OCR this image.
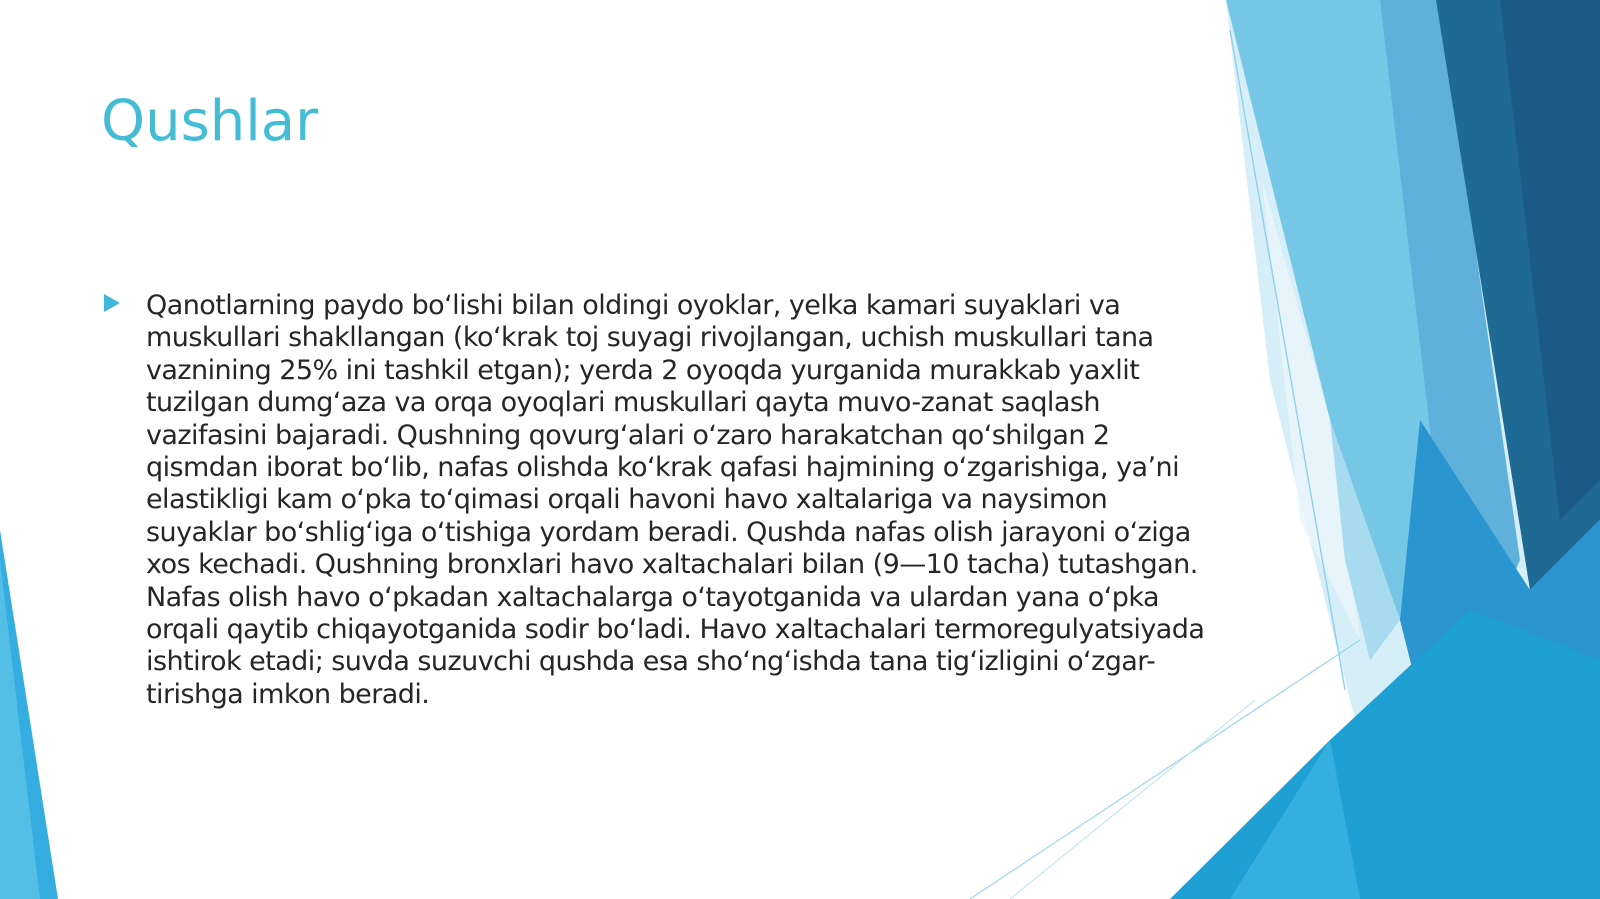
Qushlar

Qanotlarning paydo boʻlishi bilan oldingi oyoklar, yelka kamari suyaklari va muskullari shakllangan (koʻkrak toj suyagi rivojlangan, uchish muskullari tana vaznining 25% ini tashkil etgan); yerda 2 oyoqda yurganida murakkab yaxlit tuzilgan dumgʻaza va orqa oyoqlari muskullari qayta muvo-zanat saqlash vazifasini bajaradi. Qushning qovurgʻalari oʻzaro harakatchan qoʻshilgan 2 qismdan iborat boʻlib, nafas olishda koʻkrak qafasi hajmining oʻzgarishiga, yaʼni elastikligi kam oʻpka toʻqimasi orqali havoni havo xaltalariga va naysimon suyaklar boʻshligʻiga oʻtishiga yordam beradi. Qushda nafas olish jarayoni oʻziga xos kechadi. Qushning bronxlari havo xaltachalari bilan (9—10 tacha) tutashgan. Nafas olish havo oʻpkadan xaltachalarga oʻtayotganida va ulardan yana oʻpka orqali qaytib chiqayotganida sodir boʻladi. Havo xaltachalari termoregulyatsiyada ishtirok etadi; suvda suzuvchi qushda esa shoʻngʻishda tana tigʻizligini oʻzgar-tirishga imkon beradi.
